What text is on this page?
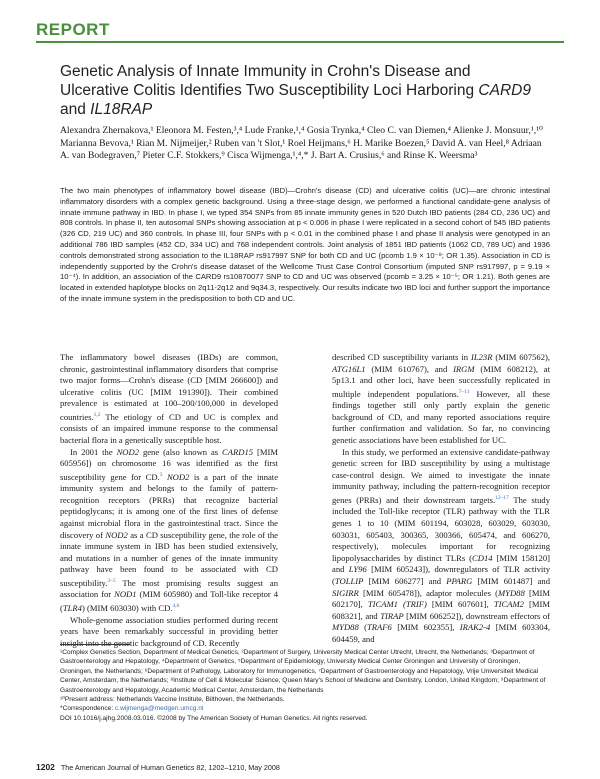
REPORT
Genetic Analysis of Innate Immunity in Crohn's Disease and Ulcerative Colitis Identifies Two Susceptibility Loci Harboring CARD9 and IL18RAP
Alexandra Zhernakova,¹ Eleonora M. Festen,³,⁴ Lude Franke,¹,⁴ Gosia Trynka,⁴ Cleo C. van Diemen,⁴ Alienke J. Monsuur,¹,¹⁰ Marianna Bevova,¹ Rian M. Nijmeijer,² Ruben van 't Slot,¹ Roel Heijmans,⁶ H. Marike Boezen,⁵ David A. van Heel,⁸ Adriaan A. van Bodegraven,⁷ Pieter C.F. Stokkers,⁹ Cisca Wijmenga,¹,⁴,* J. Bart A. Crusius,⁶ and Rinse K. Weersma³
The two main phenotypes of inflammatory bowel disease (IBD)—Crohn's disease (CD) and ulcerative colitis (UC)—are chronic intestinal inflammatory disorders with a complex genetic background. Using a three-stage design, we performed a functional candidate-gene analysis of innate immune pathway in IBD. In phase I, we typed 354 SNPs from 85 innate immunity genes in 520 Dutch IBD patients (284 CD, 236 UC) and 808 controls. In phase II, ten autosomal SNPs showing association at p < 0.006 in phase I were replicated in a second cohort of 545 IBD patients (326 CD, 219 UC) and 360 controls. In phase III, four SNPs with p < 0.01 in the combined phase I and phase II analysis were genotyped in an additional 786 IBD samples (452 CD, 334 UC) and 768 independent controls. Joint analysis of 1851 IBD patients (1062 CD, 789 UC) and 1936 controls demonstrated strong association to the IL18RAP rs917997 SNP for both CD and UC (pcomb 1.9 × 10⁻⁸; OR 1.35). Association in CD is independently supported by the Crohn's disease dataset of the Wellcome Trust Case Control Consortium (imputed SNP rs917997, p = 9.19 × 10⁻⁴). In addition, an association of the CARD9 rs10870077 SNP to CD and UC was observed (pcomb = 3.25 × 10⁻⁵; OR 1.21). Both genes are located in extended haplotype blocks on 2q11-2q12 and 9q34.3, respectively. Our results indicate two IBD loci and further support the importance of the innate immune system in the predisposition to both CD and UC.

The inflammatory bowel diseases (IBDs) are common, chronic, gastrointestinal inflammatory disorders that comprise two major forms—Crohn's disease (CD [MIM 266600]) and ulcerative colitis (UC [MIM 191390]). Their combined prevalence is estimated at 100–200/100,000 in developed countries.$^{1,2}$ The etiology of CD and UC is complex and consists of an impaired immune response to the commensal bacterial flora in a genetically susceptible host.

In 2001 the NOD2 gene (also known as CARD15 [MIM 605956]) on chromosome 16 was identified as the first susceptibility gene for CD.$^3$ NOD2 is a part of the innate immunity system and belongs to the family of pattern-recognition receptors (PRRs) that recognize bacterial peptidoglycans; it is among one of the first lines of defense against microbial flora in the gastrointestinal tract. Since the discovery of NOD2 as a CD susceptibility gene, the role of the innate immune system in IBD has been studied extensively, and mutations in a number of genes of the innate immunity pathway have been found to be associated with CD susceptibility.$^{3-5}$ The most promising results suggest an association for NOD1 (MIM 605980) and Toll-like receptor 4 (TLR4) (MIM 603030) with CD.$^{4,6}$

Whole-genome association studies performed during recent years have been remarkably successful in providing better insight into the genetic background of CD. Recently

described CD susceptibility variants in IL23R (MIM 607562), ATG16L1 (MIM 610767), and IRGM (MIM 608212), at 5p13.1 and other loci, have been successfully replicated in multiple independent populations.$^{7-11}$ However, all these findings together still only partly explain the genetic background of CD, and many reported associations require further confirmation and validation. So far, no convincing genetic associations have been established for UC.

In this study, we performed an extensive candidate-pathway genetic screen for IBD susceptibility by using a multistage case-control design. We aimed to investigate the innate immunity pathway, including the pattern-recognition receptor genes (PRRs) and their downstream targets.$^{12-17}$ The study included the Toll-like receptor (TLR) pathway with the TLR genes 1 to 10 (MIM 601194, 603028, 603029, 603030, 603031, 605403, 300365, 300366, 605474, and 606270, respectively), molecules important for recognizing lipopolysaccharides by distinct TLRs (CD14 [MIM 158120] and LY96 [MIM 605243]), downregulators of TLR activity (TOLLIP [MIM 606277] and PPARG [MIM 601487] and SIGIRR [MIM 605478]), adaptor molecules (MYD88 [MIM 602170], TICAM1 (TRIF) [MIM 607601], TICAM2 [MIM 608321], and TIRAP [MIM 606252]), downstream effectors of MYD88 (TRAF6 [MIM 602355], IRAK2-4 [MIM 603304, 604459, and

¹Complex Genetics Section, Department of Medical Genetics, ²Department of Surgery, University Medical Center Utrecht, Utrecht, the Netherlands; ³Department of Gastroenterology and Hepatology, ⁴Department of Genetics, ⁵Department of Epidemiology, University Medical Center Groningen and University of Groningen, Groningen, the Netherlands; ⁶Department of Pathology, Laboratory for Immunogenetics, ⁷Department of Gastroenterology and Hepatology, Vrije Universiteit Medical Center, Amsterdam, the Netherlands; ⁸Institute of Cell & Molecular Science, Queen Mary's School of Medicine and Dentistry, London, United Kingdom; ⁹Department of Gastroenterology and Hepatology, Academic Medical Center, Amsterdam, the Netherlands
¹⁰Present address: Netherlands Vaccine Institute, Bilthoven, the Netherlands.
*Correspondence: c.wijmenga@medgen.umcg.nl
DOI 10.1016/j.ajhg.2008.03.016. ©2008 by The American Society of Human Genetics. All rights reserved.
1202 The American Journal of Human Genetics 82, 1202–1210, May 2008
